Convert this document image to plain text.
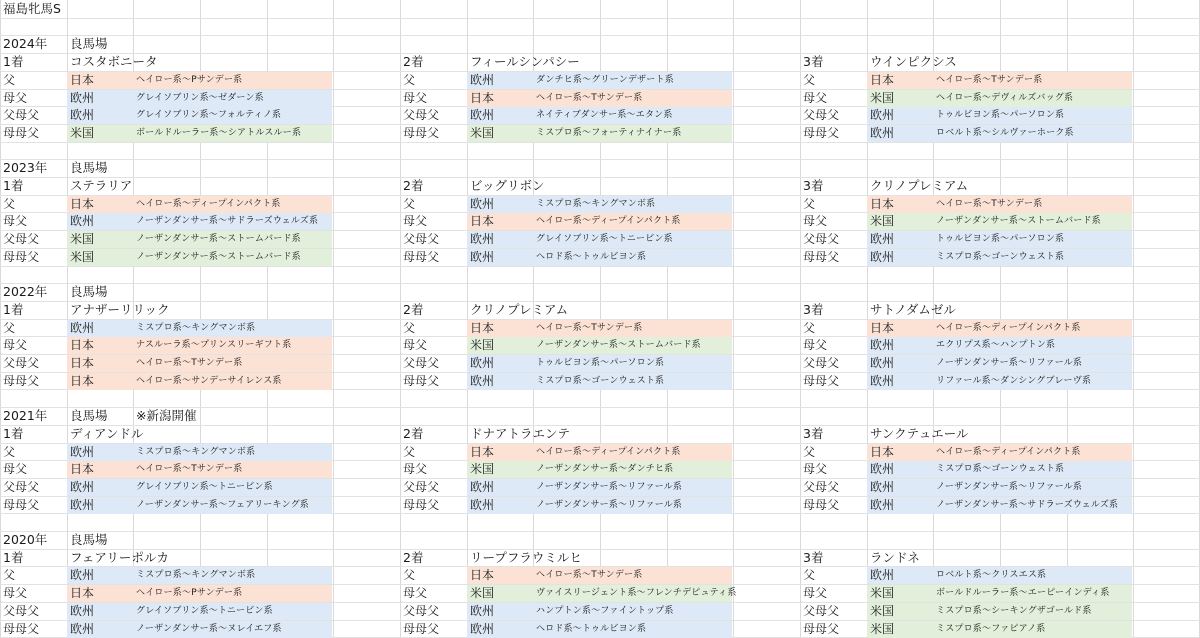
福島牝馬S
2024年 良馬場
1着	コスタボニータ
父	日本	ヘイロー系～Pサンデー系
母父	欧州	グレイソブリン系～ゼダーン系
父母父	欧州	グレイソブリン系～フォルティノ系
母母父	米国	ボールドルーラー系～シアトルスルー系
2着	フィールシンパシー
父	欧州	ダンチヒ系～グリーンデザート系
母父	日本	ヘイロー系～Tサンデー系
父母父	欧州	ネイティブダンサー系～エタン系
母母父	米国	ミスプロ系～フォーティナイナー系
3着	ウインピクシス
父	日本	ヘイロー系～Tサンデー系
母父	米国	ヘイロー系～デヴィルズバッグ系
父母父	欧州	トゥルビヨン系～パーソロン系
母母父	欧州	ロベルト系～シルヴァーホーク系
2023年 良馬場
1着	ステラリア
父	日本	ヘイロー系～ディープインパクト系
母父	欧州	ノーザンダンサー系～サドラーズウェルズ系
父母父	米国	ノーザンダンサー系～ストームバード系
母母父	米国	ノーザンダンサー系～ストームバード系
2着	ビッグリボン
父	欧州	ミスプロ系～キングマンボ系
母父	日本	ヘイロー系～ディープインパクト系
父母父	欧州	グレイソブリン系～トニービン系
母母父	欧州	ヘロド系～トゥルビヨン系
3着	クリノプレミアム
父	日本	ヘイロー系～Tサンデー系
母父	米国	ノーザンダンサー系～ストームバード系
父母父	欧州	トゥルビヨン系～パーソロン系
母母父	欧州	ミスプロ系～ゴーンウェスト系
2022年 良馬場
1着	アナザーリリック
父	欧州	ミスプロ系～キングマンボ系
母父	日本	ナスルーラ系～プリンスリーギフト系
父母父	日本	ヘイロー系～Tサンデー系
母母父	日本	ヘイロー系～サンデーサイレンス系
2着	クリノプレミアム
父	日本	ヘイロー系～Tサンデー系
母父	米国	ノーザンダンサー系～ストームバード系
父母父	欧州	トゥルビヨン系～パーソロン系
母母父	欧州	ミスプロ系～ゴーンウェスト系
3着	サトノダムゼル
父	日本	ヘイロー系～ディープインパクト系
母父	欧州	エクリプス系～ハンプトン系
父母父	欧州	ノーザンダンサー系～リファール系
母母父	欧州	リファール系～ダンシングブレーヴ系
2021年 良馬場 ※新潟開催
1着	ディアンドル
父	欧州	ミスプロ系～キングマンボ系
母父	日本	ヘイロー系～Tサンデー系
父母父	欧州	グレイソブリン系～トニービン系
母母父	欧州	ノーザンダンサー系～フェアリーキング系
2着	ドナアトラエンテ
父	日本	ヘイロー系～ディープインパクト系
母父	米国	ノーザンダンサー系～ダンチヒ系
父母父	欧州	ノーザンダンサー系～リファール系
母母父	欧州	ノーザンダンサー系～リファール系
3着	サンクテュエール
父	日本	ヘイロー系～ディープインパクト系
母父	欧州	ミスプロ系～ゴーンウェスト系
父母父	欧州	ノーザンダンサー系～リファール系
母母父	欧州	ノーザンダンサー系～サドラーズウェルズ系
2020年 良馬場
1着	フェアリーポルカ
父	欧州	ミスプロ系～キングマンボ系
母父	日本	ヘイロー系～Pサンデー系
父母父	欧州	グレイソブリン系～トニービン系
母母父	欧州	ノーザンダンサー系～ヌレイエフ系
2着	リープフラウミルヒ
父	日本	ヘイロー系～Tサンデー系
母父	米国	ヴァイスリージェント系～フレンチデピュティ系
父母父	欧州	ハンプトン系～ファイントップ系
母母父	欧州	ヘロド系～トゥルビヨン系
3着	ランドネ
父	欧州	ロベルト系～クリスエス系
母父	米国	ボールドルーラー系～エーピーインディ系
父母父	米国	ミスプロ系～シーキングザゴールド系
母母父	米国	ミスプロ系～ファピアノ系
